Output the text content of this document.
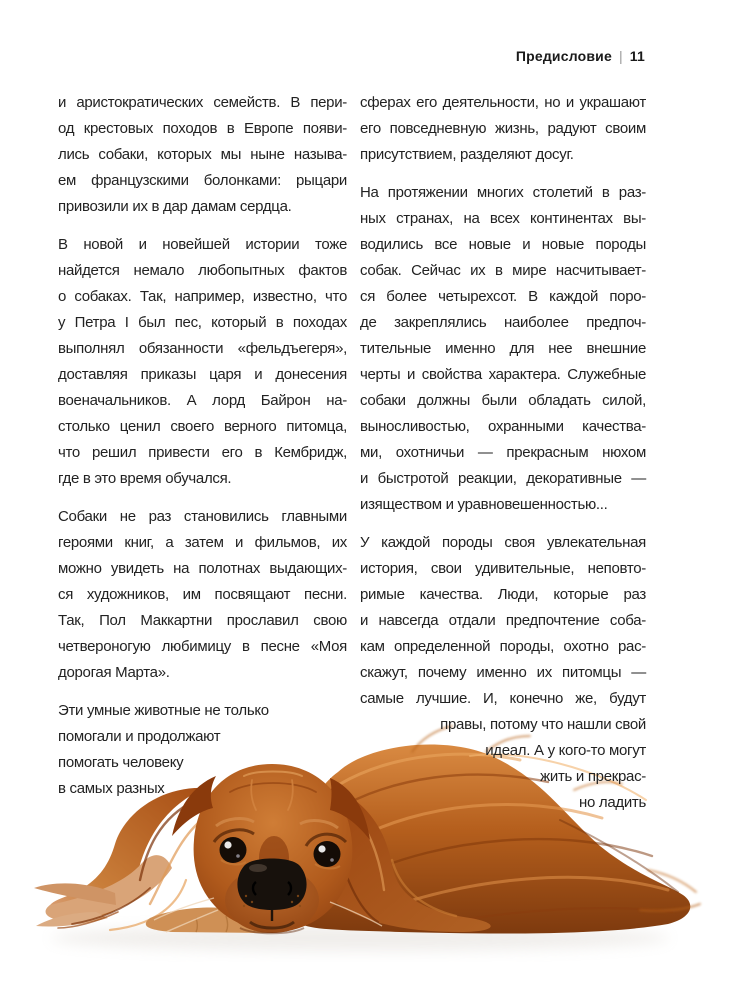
Предисловие | 11
и аристократических семейств. В пери-
од крестовых походов в Европе появи-
лись собаки, которых мы ныне называ-
ем французскими болонками: рыцари
привозили их в дар дамам сердца.
В новой и новейшей истории тоже
найдется немало любопытных фактов
о собаках. Так, например, известно, что
у Петра I был пес, который в походах
выполнял обязанности «фельдъегеря»,
доставляя приказы царя и донесения
военачальников. А лорд Байрон на-
столько ценил своего верного питомца,
что решил привести его в Кембридж,
где в это время обучался.
Собаки не раз становились главными
героями книг, а затем и фильмов, их
можно увидеть на полотнах выдающих-
ся художников, им посвящают песни.
Так, Пол Маккартни прославил свою
четвероногую любимицу в песне «Моя
дорогая Марта».
Эти умные животные не только
помогали и продолжают
помогать человеку
в самых разных
сферах его деятельности, но и украшают
его повседневную жизнь, радуют своим
присутствием, разделяют досуг.
На протяжении многих столетий в раз-
ных странах, на всех континентах вы-
водились все новые и новые породы
собак. Сейчас их в мире насчитывает-
ся более четырехсот. В каждой поро-
де закреплялись наиболее предпоч-
тительные именно для нее внешние
черты и свойства характера. Служебные
собаки должны были обладать силой,
выносливостью, охранными качества-
ми, охотничьи — прекрасным нюхом
и быстротой реакции, декоративные —
изяществом и уравновешенностью...
У каждой породы своя увлекательная
история, свои удивительные, неповто-
римые качества. Люди, которые раз
и навсегда отдали предпочтение соба-
кам определенной породы, охотно рас-
скажут, почему именно их питомцы —
самые лучшие. И, конечно же, будут
правы, потому что нашли свой
идеал. А у кого-то могут
жить и прекрас-
но ладить
